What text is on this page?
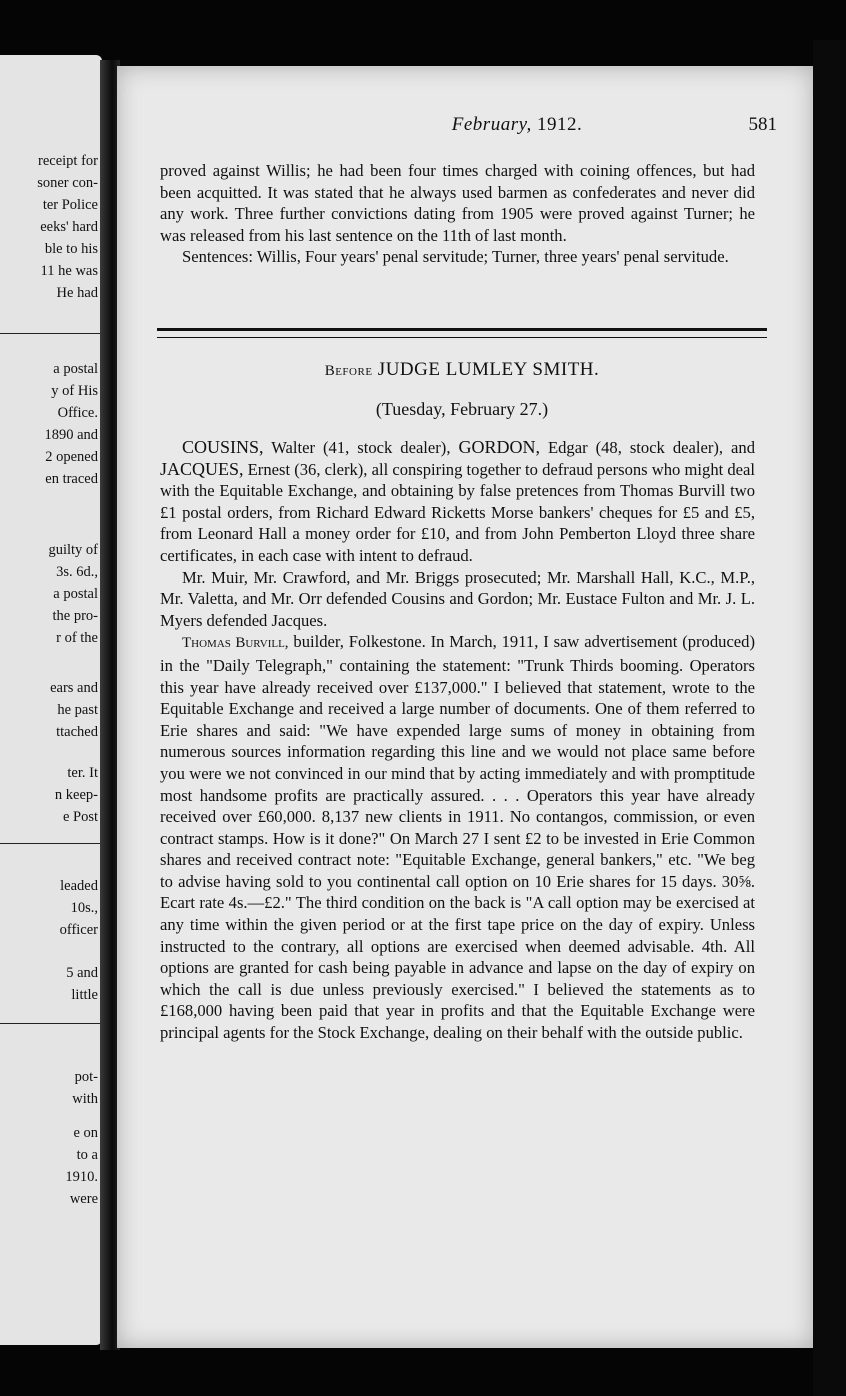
receipt for
soner con-
ter Police
eeks' hard
ble to his
11 he was
He had
a postal
y of His
Office.
1890 and
2 opened
en traced
guilty of
3s. 6d.,
a postal
the pro-
r of the
ears and
he past
ttached
ter. It
n keep-
e Post
leaded
10s.,
officer
5 and
little
pot-
with
e on
to a
1910.
were
February, 1912.	581

proved against Willis; he had been four times charged with coining offences, but had been acquitted. It was stated that he always used barmen as confederates and never did any work. Three further convictions dating from 1905 were proved against Turner; he was released from his last sentence on the 11th of last month.

Sentences: Willis, Four years' penal servitude; Turner, three years' penal servitude.

Before JUDGE LUMLEY SMITH.
(Tuesday, February 27.)

COUSINS, Walter (41, stock dealer), GORDON, Edgar (48, stock dealer), and JACQUES, Ernest (36, clerk), all conspiring together to defraud persons who might deal with the Equitable Exchange, and obtaining by false pretences from Thomas Burvill two £1 postal orders, from Richard Edward Ricketts Morse bankers' cheques for £5 and £5, from Leonard Hall a money order for £10, and from John Pemberton Lloyd three share certificates, in each case with intent to defraud.

Mr. Muir, Mr. Crawford, and Mr. Briggs prosecuted; Mr. Marshall Hall, K.C., M.P., Mr. Valetta, and Mr. Orr defended Cousins and Gordon; Mr. Eustace Fulton and Mr. J. L. Myers defended Jacques.

Thomas Burvill, builder, Folkestone. In March, 1911, I saw advertisement (produced) in the "Daily Telegraph," containing the statement: "Trunk Thirds booming. Operators this year have already received over £137,000." I believed that statement, wrote to the Equitable Exchange and received a large number of documents. One of them referred to Erie shares and said: "We have expended large sums of money in obtaining from numerous sources information regarding this line and we would not place same before you were we not convinced in our mind that by acting immediately and with promptitude most handsome profits are practically assured. . . . Operators this year have already received over £60,000. 8,137 new clients in 1911. No contangos, commission, or even contract stamps. How is it done?" On March 27 I sent £2 to be invested in Erie Common shares and received contract note: "Equitable Exchange, general bankers," etc. "We beg to advise having sold to you continental call option on 10 Erie shares for 15 days. 30⅝. Ecart rate 4s.—£2." The third condition on the back is "A call option may be exercised at any time within the given period or at the first tape price on the day of expiry. Unless instructed to the contrary, all options are exercised when deemed advisable. 4th. All options are granted for cash being payable in advance and lapse on the day of expiry on which the call is due unless previously exercised." I believed the statements as to £168,000 having been paid that year in profits and that the Equitable Exchange were principal agents for the Stock Exchange, dealing on their behalf with the outside public.
